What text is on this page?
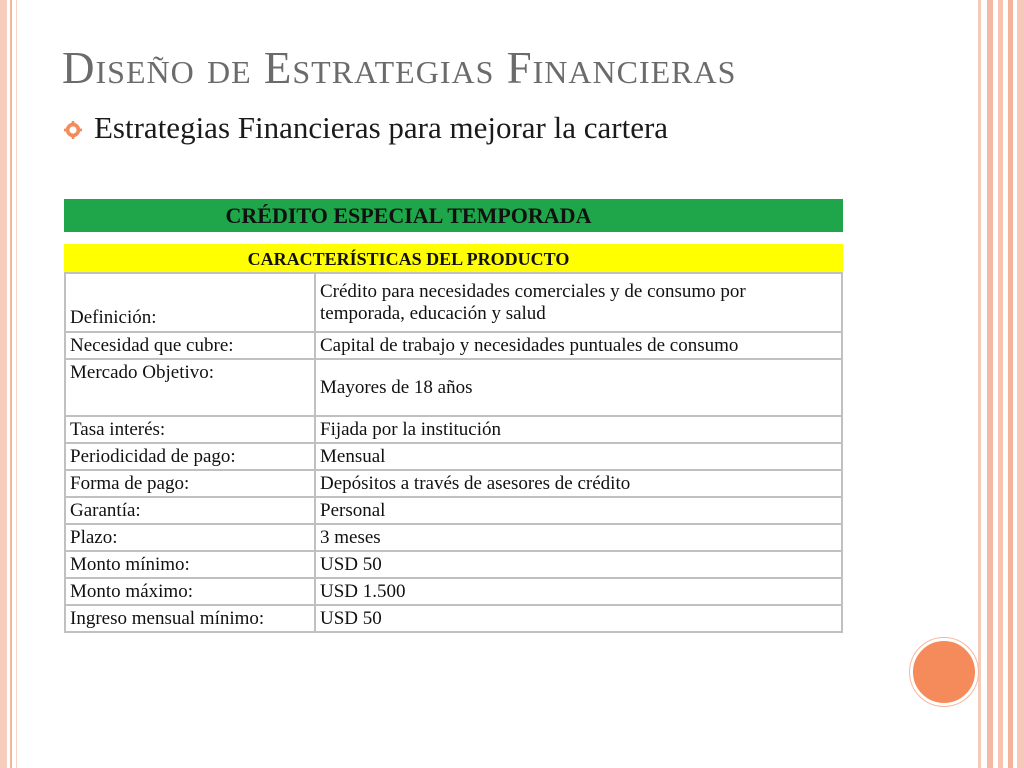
Diseño de Estrategias Financieras
Estrategias Financieras para mejorar la cartera
CRÉDITO ESPECIAL TEMPORADA
CARACTERÍSTICAS DEL PRODUCTO
Definición:	Crédito para necesidades comerciales y de consumo por
temporada, educación y salud
Necesidad que cubre:	Capital de trabajo y necesidades puntuales de consumo
Mercado Objetivo:	Mayores de 18 años
Tasa interés:	Fijada por la institución
Periodicidad de pago:	Mensual
Forma de pago:	Depósitos a través de asesores de crédito
Garantía:	Personal
Plazo:	3 meses
Monto mínimo:	USD 50
Monto máximo:	USD 1.500
Ingreso mensual mínimo:	USD 50
